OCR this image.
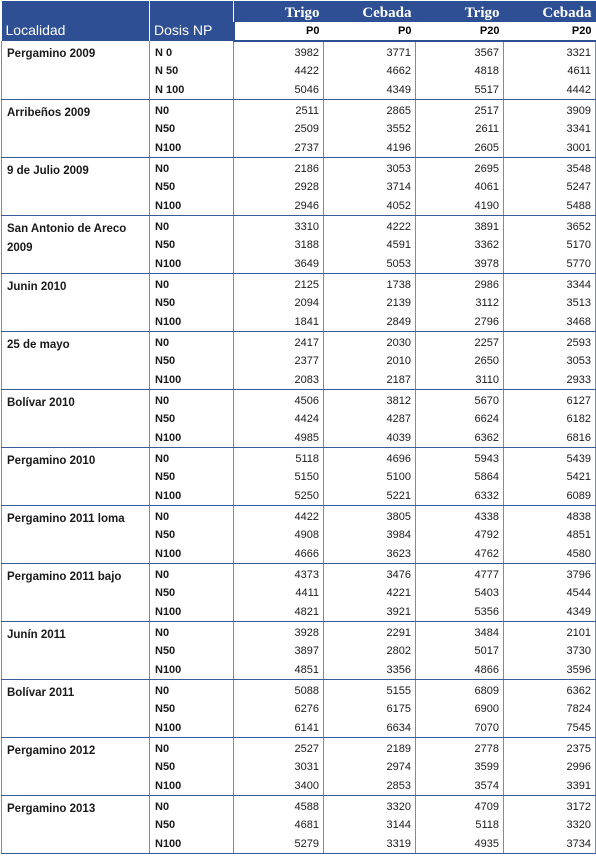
Localidad	Dosis NP	Trigo	Cebada	Trigo	Cebada
		P0	P0	P20	P20
Pergamino 2009	N 0	3982	3771	3567	3321
	N 50	4422	4662	4818	4611
	N 100	5046	4349	5517	4442
Arribeños 2009	N0	2511	2865	2517	3909
	N50	2509	3552	2611	3341
	N100	2737	4196	2605	3001
9 de Julio 2009	N0	2186	3053	2695	3548
	N50	2928	3714	4061	5247
	N100	2946	4052	4190	5488
San Antonio de Areco 2009	N0	3310	4222	3891	3652
	N50	3188	4591	3362	5170
	N100	3649	5053	3978	5770
Junin 2010	N0	2125	1738	2986	3344
	N50	2094	2139	3112	3513
	N100	1841	2849	2796	3468
25 de mayo	N0	2417	2030	2257	2593
	N50	2377	2010	2650	3053
	N100	2083	2187	3110	2933
Bolívar 2010	N0	4506	3812	5670	6127
	N50	4424	4287	6624	6182
	N100	4985	4039	6362	6816
Pergamino 2010	N0	5118	4696	5943	5439
	N50	5150	5100	5864	5421
	N100	5250	5221	6332	6089
Pergamino 2011 loma	N0	4422	3805	4338	4838
	N50	4908	3984	4792	4851
	N100	4666	3623	4762	4580
Pergamino 2011 bajo	N0	4373	3476	4777	3796
	N50	4411	4221	5403	4544
	N100	4821	3921	5356	4349
Junín 2011	N0	3928	2291	3484	2101
	N50	3897	2802	5017	3730
	N100	4851	3356	4866	3596
Bolívar 2011	N0	5088	5155	6809	6362
	N50	6276	6175	6900	7824
	N100	6141	6634	7070	7545
Pergamino 2012	N0	2527	2189	2778	2375
	N50	3031	2974	3599	2996
	N100	3400	2853	3574	3391
Pergamino 2013	N0	4588	3320	4709	3172
	N50	4681	3144	5118	3320
	N100	5279	3319	4935	3734
